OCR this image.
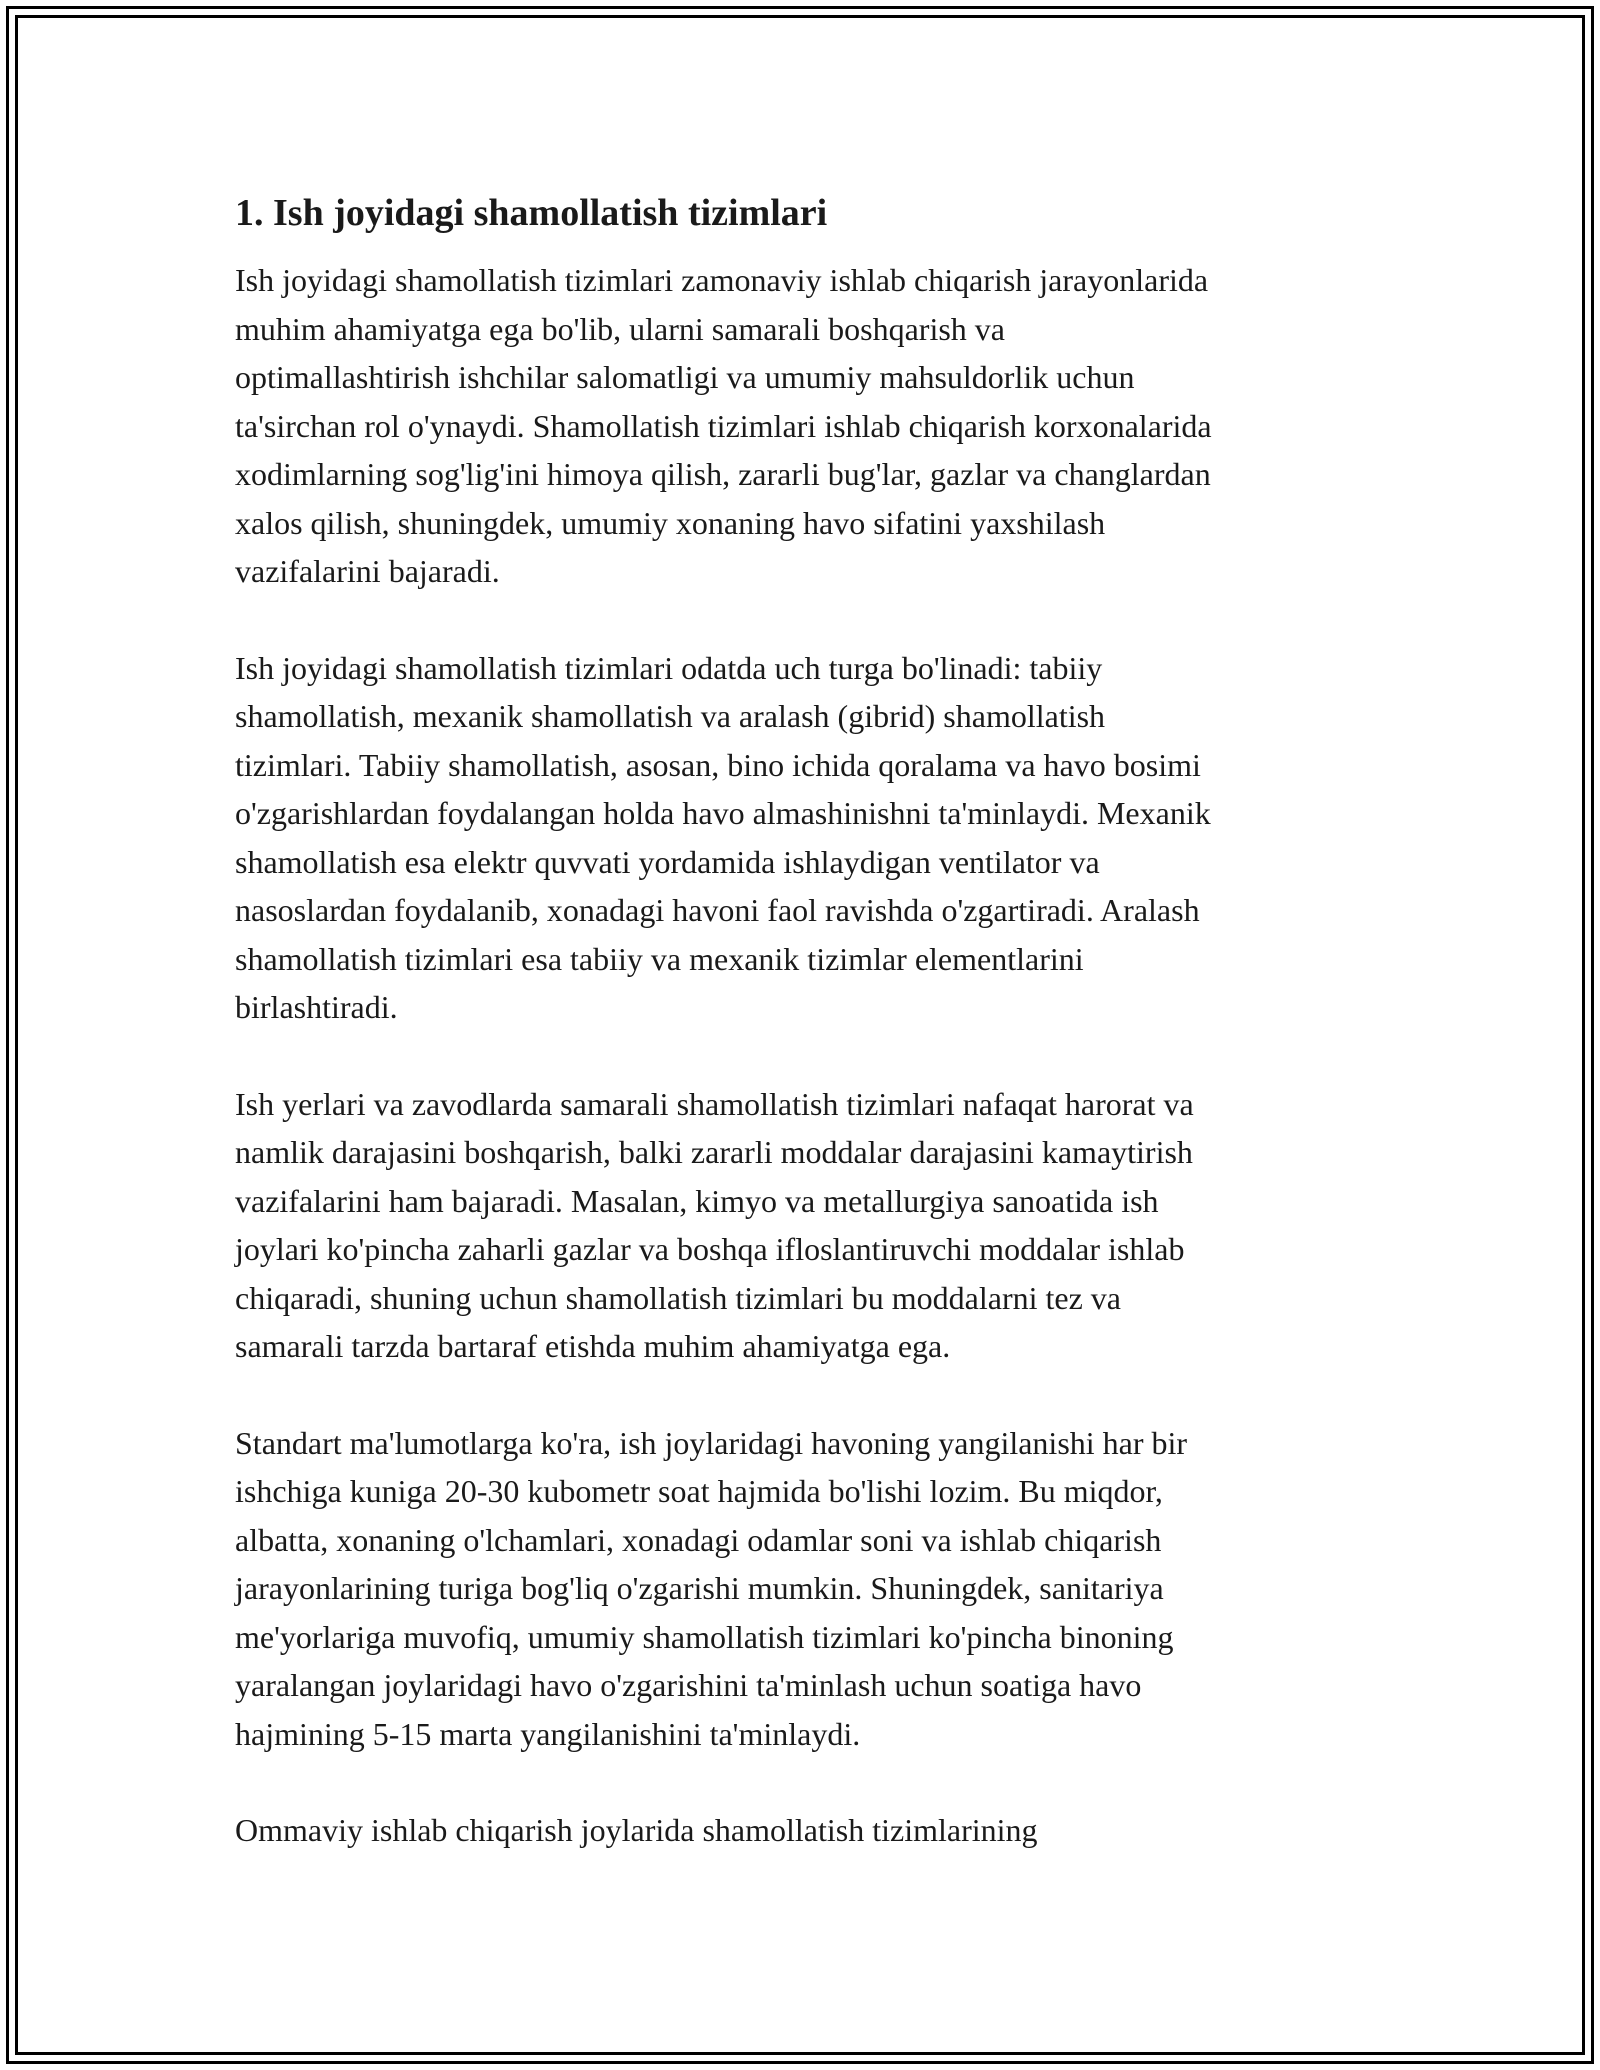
1. Ish joyidagi shamollatish tizimlari

Ish joyidagi shamollatish tizimlari zamonaviy ishlab chiqarish jarayonlarida
muhim ahamiyatga ega bo'lib, ularni samarali boshqarish va
optimallashtirish ishchilar salomatligi va umumiy mahsuldorlik uchun
ta'sirchan rol o'ynaydi. Shamollatish tizimlari ishlab chiqarish korxonalarida
xodimlarning sog'lig'ini himoya qilish, zararli bug'lar, gazlar va changlardan
xalos qilish, shuningdek, umumiy xonaning havo sifatini yaxshilash
vazifalarini bajaradi.

Ish joyidagi shamollatish tizimlari odatda uch turga bo'linadi: tabiiy
shamollatish, mexanik shamollatish va aralash (gibrid) shamollatish
tizimlari. Tabiiy shamollatish, asosan, bino ichida qoralama va havo bosimi
o'zgarishlardan foydalangan holda havo almashinishni ta'minlaydi. Mexanik
shamollatish esa elektr quvvati yordamida ishlaydigan ventilator va
nasoslardan foydalanib, xonadagi havoni faol ravishda o'zgartiradi. Aralash
shamollatish tizimlari esa tabiiy va mexanik tizimlar elementlarini
birlashtiradi.

Ish yerlari va zavodlarda samarali shamollatish tizimlari nafaqat harorat va
namlik darajasini boshqarish, balki zararli moddalar darajasini kamaytirish
vazifalarini ham bajaradi. Masalan, kimyo va metallurgiya sanoatida ish
joylari ko'pincha zaharli gazlar va boshqa ifloslantiruvchi moddalar ishlab
chiqaradi, shuning uchun shamollatish tizimlari bu moddalarni tez va
samarali tarzda bartaraf etishda muhim ahamiyatga ega.

Standart ma'lumotlarga ko'ra, ish joylaridagi havoning yangilanishi har bir
ishchiga kuniga 20-30 kubometr soat hajmida bo'lishi lozim. Bu miqdor,
albatta, xonaning o'lchamlari, xonadagi odamlar soni va ishlab chiqarish
jarayonlarining turiga bog'liq o'zgarishi mumkin. Shuningdek, sanitariya
me'yorlariga muvofiq, umumiy shamollatish tizimlari ko'pincha binoning
yaralangan joylaridagi havo o'zgarishini ta'minlash uchun soatiga havo
hajmining 5-15 marta yangilanishini ta'minlaydi.

Ommaviy ishlab chiqarish joylarida shamollatish tizimlarining
